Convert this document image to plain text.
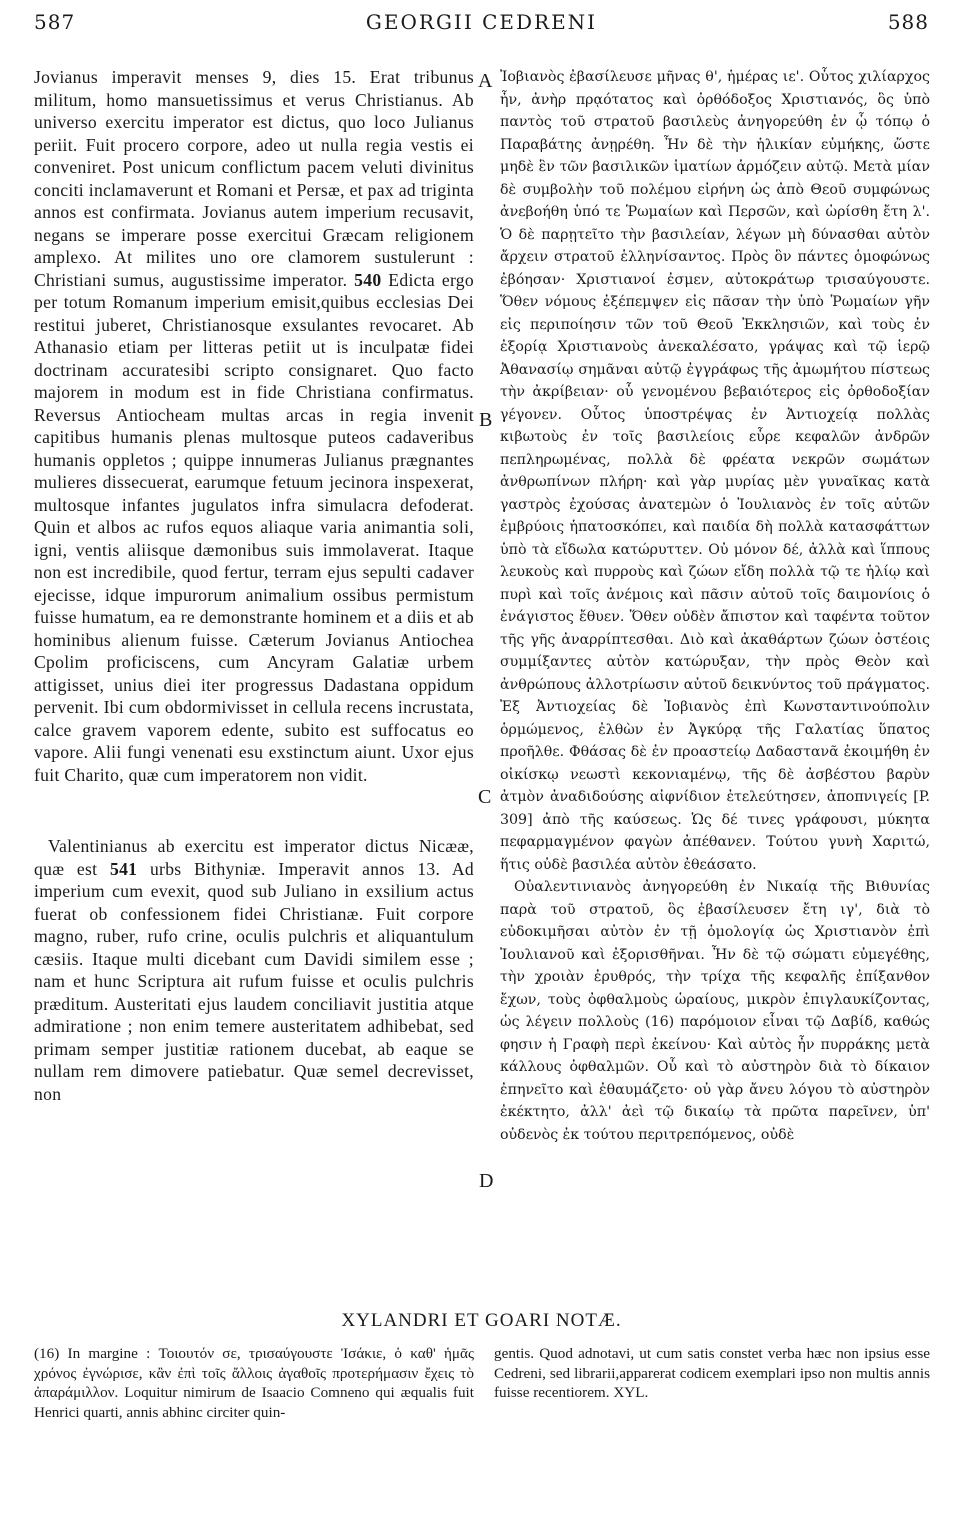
587	GEORGII CEDRENI	588

Jovianus imperavit menses 9, dies 15. Erat tribunus militum, homo mansuetissimus et verus Christianus. Ab universo exercitu imperator est dictus, quo loco Julianus periit. Fuit procero corpore, adeo ut nulla regia vestis ei conveniret. Post unicum conflictum pacem veluti divinitus conciti inclamaverunt et Romani et Persæ, et pax ad triginta annos est confirmata. Jovianus autem imperium recusavit, negans se imperare posse exercitui Græcam religionem amplexo. At milites uno ore clamorem sustulerunt : Christiani sumus, augustissime imperator. 540 Edicta ergo per totum Romanum imperium emisit,quibus ecclesias Dei restitui juberet, Christianosque exsulantes revocaret. Ab Athanasio etiam per litteras petiit ut is inculpatæ fidei doctrinam accuratesibi scripto consignaret. Quo facto majorem in modum est in fide Christiana confirmatus. Reversus Antiocheam multas arcas in regia invenit capitibus humanis plenas multosque puteos cadaveribus humanis oppletos ; quippe innumeras Julianus prægnantes mulieres dissecuerat, earumque fetuum jecinora inspexerat, multosque infantes jugulatos infra simulacra defoderat. Quin et albos ac rufos equos aliaque varia animantia soli, igni, ventis aliisque dæmonibus suis immolaverat. Itaque non est incredibile, quod fertur, terram ejus sepulti cadaver ejecisse, idque impurorum animalium ossibus permistum fuisse humatum, ea re demonstrante hominem et a diis et ab hominibus alienum fuisse. Cæterum Jovianus Antiochea Cpolim proficiscens, cum Ancyram Galatiæ urbem attigisset, unius diei iter progressus Dadastana oppidum pervenit. Ibi cum obdormivisset in cellula recens incrustata, calce gravem vaporem edente, subito est suffocatus eo vapore. Alii fungi venenati esu exstinctum aiunt. Uxor ejus fuit Charito, quæ cum imperatorem non vidit.

Valentinianus ab exercitu est imperator dictus Nicææ, quæ est 541 urbs Bithyniæ. Imperavit annos 13. Ad imperium cum evexit, quod sub Juliano in exsilium actus fuerat ob confessionem fidei Christianæ. Fuit corpore magno, ruber, rufo crine, oculis pulchris et aliquantulum cæsiis. Itaque multi dicebant cum Davidi similem esse ; nam et hunc Scriptura ait rufum fuisse et oculis pulchris præditum. Austeritati ejus laudem conciliavit justitia atque admiratione ; non enim temere austeritatem adhibebat, sed primam semper justitiæ rationem ducebat, ab eaque se nullam rem dimovere patiebatur. Quæ semel decrevisset, non

A
B
C
D

Ἰοβιανὸς ἐβασίλευσε μῆνας θ', ἡμέρας ιε'. Οὗτος χιλίαρχος ἦν, ἀνὴρ πρᾳότατος καὶ ὀρθόδοξος Χριστιανός, ὃς ὑπὸ παντὸς τοῦ στρατοῦ βασιλεὺς ἀνηγορεύθη ἐν ᾧ τόπῳ ὁ Παραβάτης ἀνῃρέθη. Ἦν δὲ τὴν ἡλικίαν εὐμήκης, ὥστε μηδὲ ἓν τῶν βασιλικῶν ἱματίων ἁρμόζειν αὐτῷ. Μετὰ μίαν δὲ συμβολὴν τοῦ πολέμου εἰρήνη ὡς ἀπὸ Θεοῦ συμφώνως ἀνεβοήθη ὑπό τε Ῥωμαίων καὶ Περσῶν, καὶ ὡρίσθη ἔτη λ'. Ὁ δὲ παρῃτεῖτο τὴν βασιλείαν, λέγων μὴ δύνασθαι αὐτὸν ἄρχειν στρατοῦ ἑλληνίσαντος. Πρὸς ὃν πάντες ὁμοφώνως ἐβόησαν· Χριστιανοί ἐσμεν, αὐτοκράτωρ τρισαύγουστε. Ὅθεν νόμους ἐξέπεμψεν εἰς πᾶσαν τὴν ὑπὸ Ῥωμαίων γῆν εἰς περιποίησιν τῶν τοῦ Θεοῦ Ἐκκλησιῶν, καὶ τοὺς ἐν ἐξορίᾳ Χριστιανοὺς ἀνεκαλέσατο, γράψας καὶ τῷ ἱερῷ Ἀθανασίῳ σημᾶναι αὐτῷ ἐγγράφως τῆς ἀμωμήτου πίστεως τὴν ἀκρίβειαν· οὗ γενομένου βεβαιότερος εἰς ὀρθοδοξίαν γέγονεν. Οὗτος ὑποστρέψας ἐν Ἀντιοχείᾳ πολλὰς κιβωτοὺς ἐν τοῖς βασιλείοις εὗρε κεφαλῶν ἀνδρῶν πεπληρωμένας, πολλὰ δὲ φρέατα νεκρῶν σωμάτων ἀνθρωπίνων πλήρη· καὶ γὰρ μυρίας μὲν γυναῖκας κατὰ γαστρὸς ἐχούσας ἀνατεμὼν ὁ Ἰουλιανὸς ἐν τοῖς αὐτῶν ἐμβρύοις ἡπατοσκόπει, καὶ παιδία δὴ πολλὰ κατασφάττων ὑπὸ τὰ εἴδωλα κατώρυττεν. Οὐ μόνον δέ, ἀλλὰ καὶ ἵππους λευκοὺς καὶ πυρροὺς καὶ ζώων εἴδη πολλὰ τῷ τε ἡλίῳ καὶ πυρὶ καὶ τοῖς ἀνέμοις καὶ πᾶσιν αὐτοῦ τοῖς δαιμονίοις ὁ ἐνάγιστος ἔθυεν. Ὅθεν οὐδὲν ἄπιστον καὶ ταφέντα τοῦτον τῆς γῆς ἀναρρίπτεσθαι. Διὸ καὶ ἀκαθάρτων ζώων ὀστέοις συμμίξαντες αὐτὸν κατώρυξαν, τὴν πρὸς Θεὸν καὶ ἀνθρώπους ἀλλοτρίωσιν αὐτοῦ δεικνύντος τοῦ πράγματος. Ἐξ Ἀντιοχείας δὲ Ἰοβιανὸς ἐπὶ Κωνσταντινούπολιν ὁρμώμενος, ἐλθὼν ἐν Ἀγκύρᾳ τῆς Γαλατίας ὕπατος προῆλθε. Φθάσας δὲ ἐν προαστείῳ Δαδαστανᾶ ἐκοιμήθη ἐν οἰκίσκῳ νεωστὶ κεκονιαμένῳ, τῆς δὲ ἀσβέστου βαρὺν ἀτμὸν ἀναδιδούσης αἰφνίδιον ἐτελεύτησεν, ἀποπνιγείς [P. 309] ἀπὸ τῆς καύσεως. Ὡς δέ τινες γράφουσι, μύκητα πεφαρμαγμένον φαγὼν ἀπέθανεν. Τούτου γυνὴ Χαριτώ, ἥτις οὐδὲ βασιλέα αὐτὸν ἐθεάσατο.

Οὐαλεντινιανὸς ἀνηγορεύθη ἐν Νικαίᾳ τῆς Βιθυνίας παρὰ τοῦ στρατοῦ, ὃς ἐβασίλευσεν ἔτη ιγ', διὰ τὸ εὐδοκιμῆσαι αὐτὸν ἐν τῇ ὁμολογίᾳ ὡς Χριστιανὸν ἐπὶ Ἰουλιανοῦ καὶ ἐξορισθῆναι. Ἦν δὲ τῷ σώματι εὐμεγέθης, τὴν χροιὰν ἐρυθρός, τὴν τρίχα τῆς κεφαλῆς ἐπίξανθον ἔχων, τοὺς ὀφθαλμοὺς ὡραίους, μικρὸν ἐπιγλαυκίζοντας, ὡς λέγειν πολλοὺς (16) παρόμοιον εἶναι τῷ Δαβίδ, καθώς φησιν ἡ Γραφὴ περὶ ἐκείνου· Καὶ αὐτὸς ἦν πυρράκης μετὰ κάλλους ὀφθαλμῶν. Οὗ καὶ τὸ αὐστηρὸν διὰ τὸ δίκαιον ἐπηνεῖτο καὶ ἐθαυμάζετο· οὐ γὰρ ἄνευ λόγου τὸ αὐστηρὸν ἐκέκτητο, ἀλλ' ἀεὶ τῷ δικαίῳ τὰ πρῶτα παρεῖνεν, ὑπ' οὐδενὸς ἐκ τούτου περιτρεπόμενος, οὐδὲ

XYLANDRI ET GOARI NOTÆ.
(16) In margine : Τοιουτόν σε, τρισαύγουστε Ἰσάκιε, ὁ καθ' ἡμᾶς χρόνος ἐγνώρισε, κἂν ἐπὶ τοῖς ἄλλοις ἀγαθοῖς προτερήμασιν ἔχεις τὸ ἀπαράμιλλον. Loquitur nimirum de Isaacio Comneno qui æqualis fuit Henrici quarti, annis abhinc circiter quin-
gentis. Quod adnotavi, ut cum satis constet verba hæc non ipsius esse Cedreni, sed librarii,apparerat codicem exemplari ipso non multis annis fuisse recentiorem. XYL.
